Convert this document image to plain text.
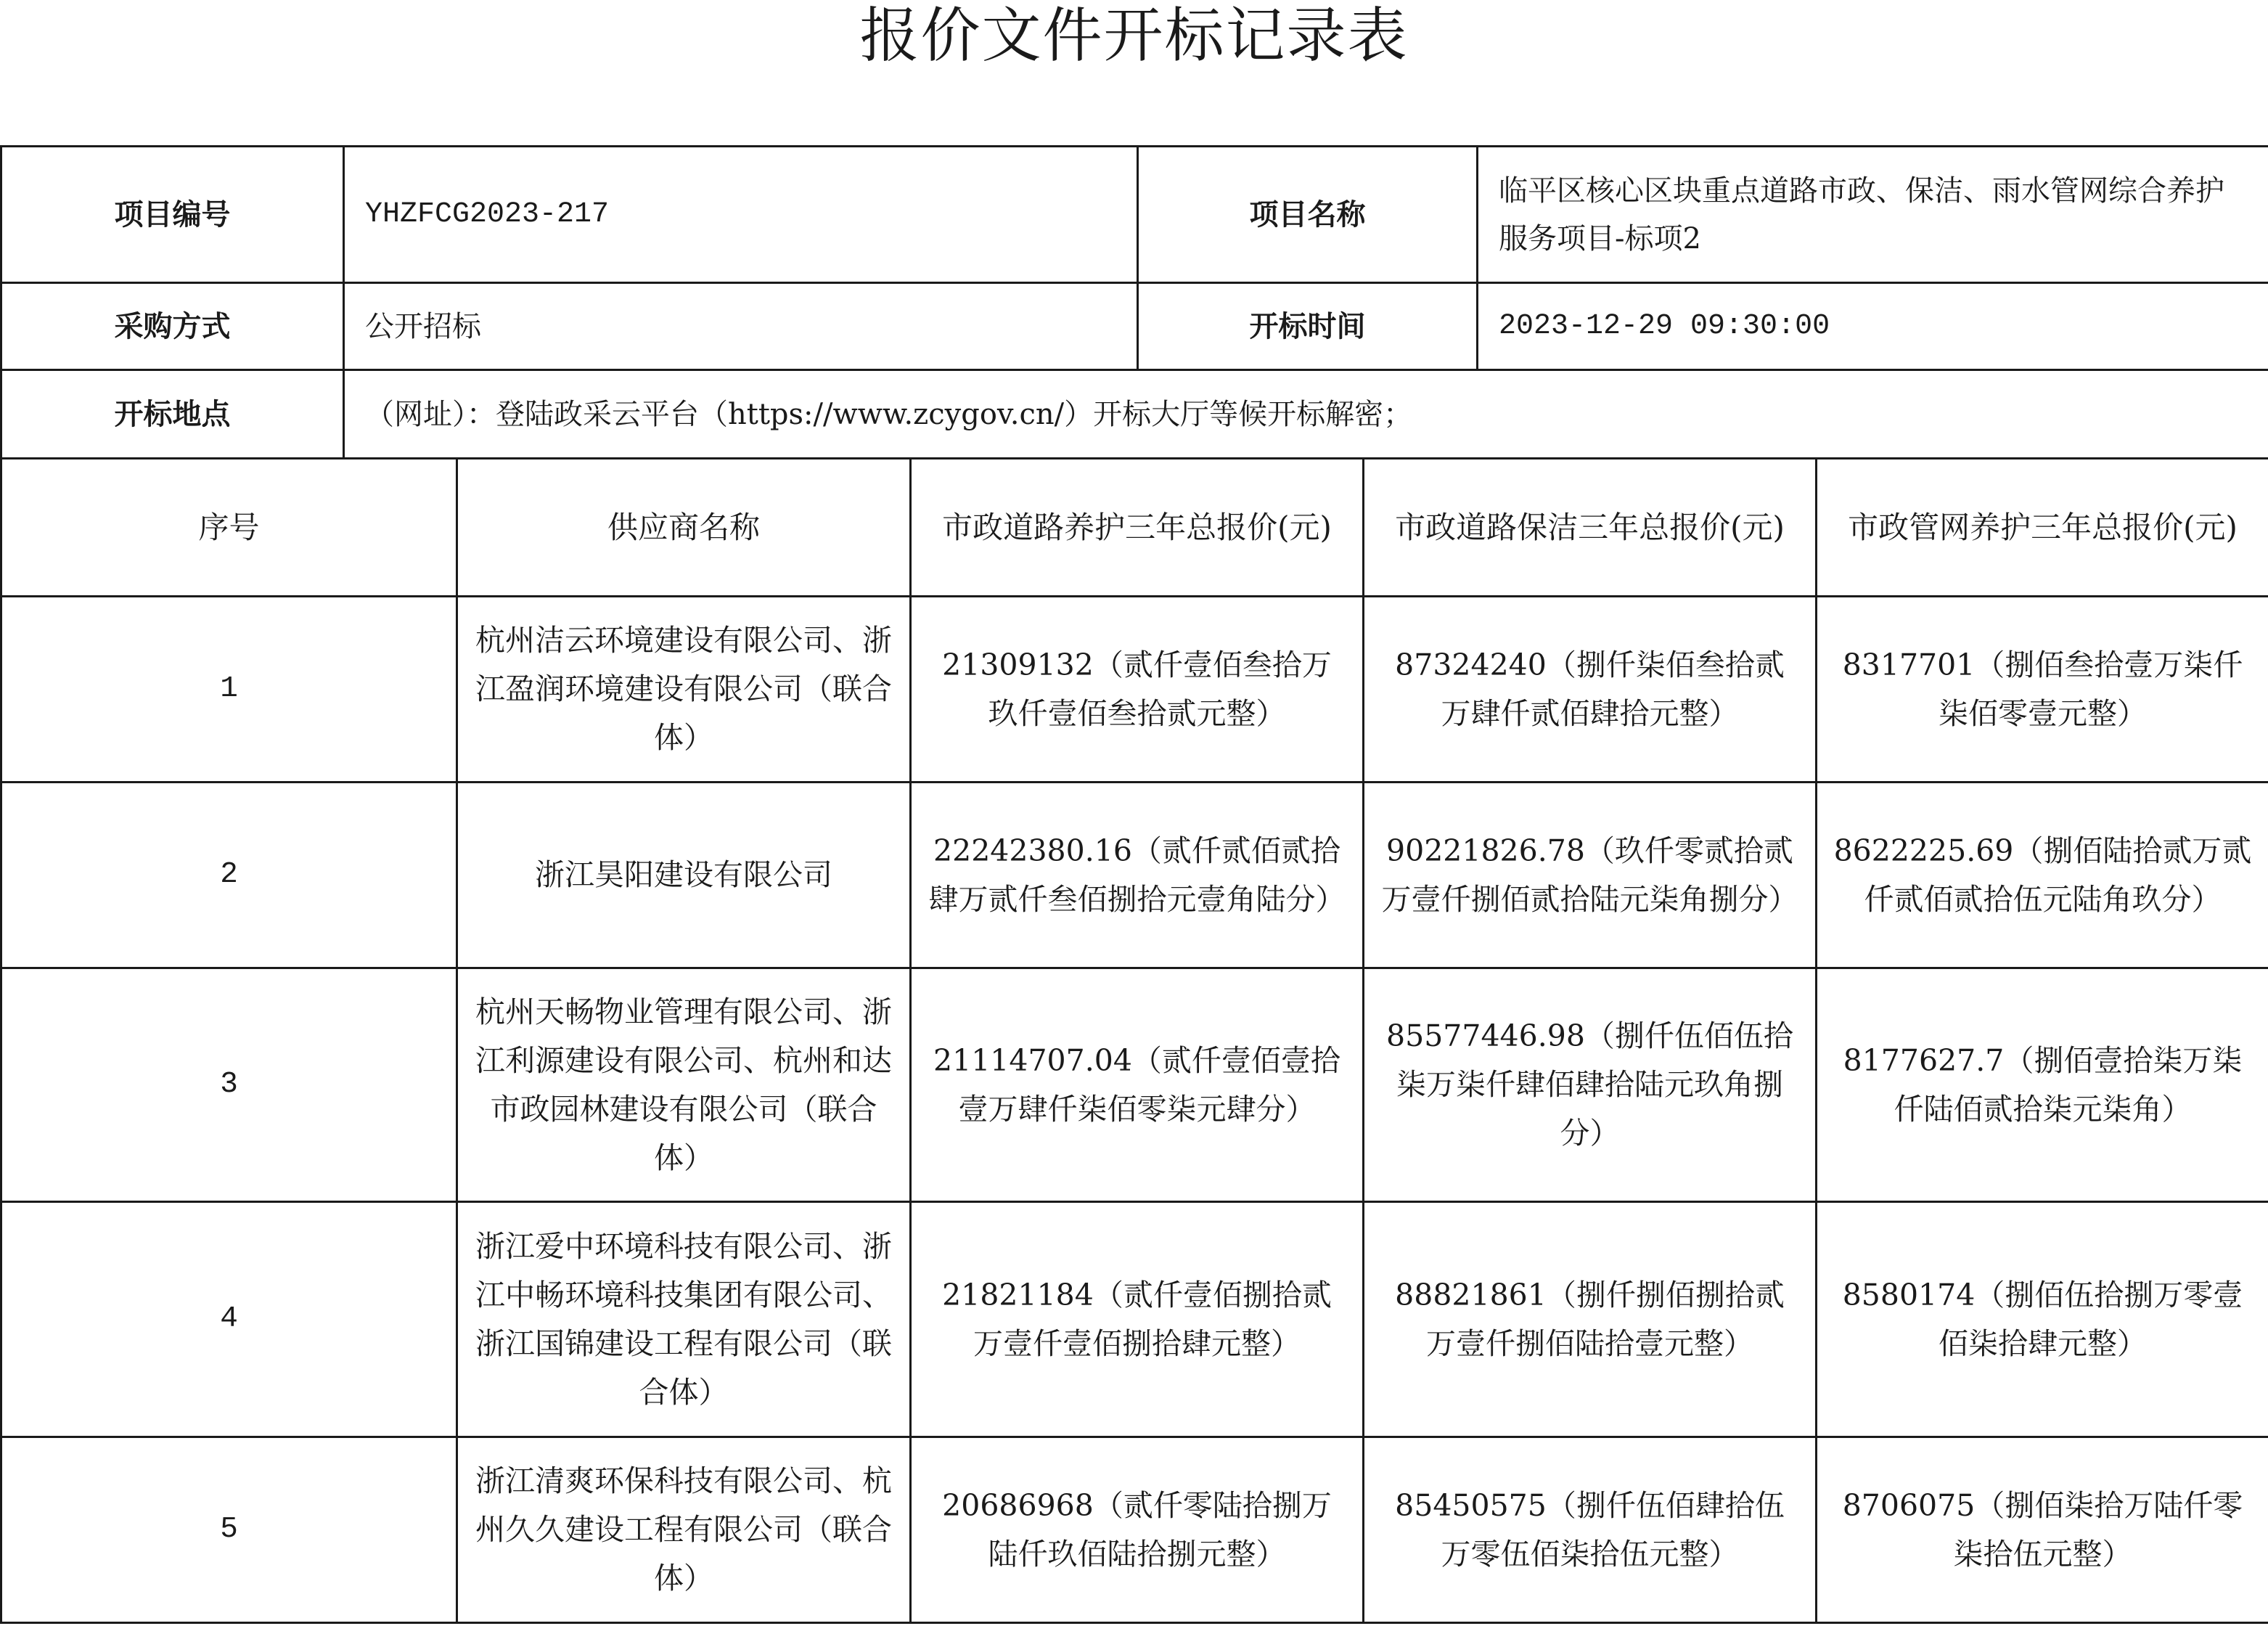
报价文件开标记录表
项目编号	YHZFCG2023-217	项目名称	临平区核心区块重点道路市政、保洁、雨水管网综合养护服务项目-标项2
采购方式	公开招标	开标时间	2023-12-29 09:30:00
开标地点	（网址）：登陆政采云平台（https://www.zcygov.cn/）开标大厅等候开标解密；		
序号	供应商名称	市政道路养护三年总报价(元)	市政道路保洁三年总报价(元)	市政管网养护三年总报价(元)
1	杭州洁云环境建设有限公司、浙江盈润环境建设有限公司（联合体）	21309132（贰仟壹佰叁拾万玖仟壹佰叁拾贰元整）	87324240（捌仟柒佰叁拾贰万肆仟贰佰肆拾元整）	8317701（捌佰叁拾壹万柒仟柒佰零壹元整）
2	浙江昊阳建设有限公司	22242380.16（贰仟贰佰贰拾肆万贰仟叁佰捌拾元壹角陆分）	90221826.78（玖仟零贰拾贰万壹仟捌佰贰拾陆元柒角捌分）	8622225.69（捌佰陆拾贰万贰仟贰佰贰拾伍元陆角玖分）
3	杭州天畅物业管理有限公司、浙江利源建设有限公司、杭州和达市政园林建设有限公司（联合体）	21114707.04（贰仟壹佰壹拾壹万肆仟柒佰零柒元肆分）	85577446.98（捌仟伍佰伍拾柒万柒仟肆佰肆拾陆元玖角捌分）	8177627.7（捌佰壹拾柒万柒仟陆佰贰拾柒元柒角）
4	浙江爱中环境科技有限公司、浙江中畅环境科技集团有限公司、浙江国锦建设工程有限公司（联合体）	21821184（贰仟壹佰捌拾贰万壹仟壹佰捌拾肆元整）	88821861（捌仟捌佰捌拾贰万壹仟捌佰陆拾壹元整）	8580174（捌佰伍拾捌万零壹佰柒拾肆元整）
5	浙江清爽环保科技有限公司、杭州久久建设工程有限公司（联合体）	20686968（贰仟零陆拾捌万陆仟玖佰陆拾捌元整）	85450575（捌仟伍佰肆拾伍万零伍佰柒拾伍元整）	8706075（捌佰柒拾万陆仟零柒拾伍元整）
